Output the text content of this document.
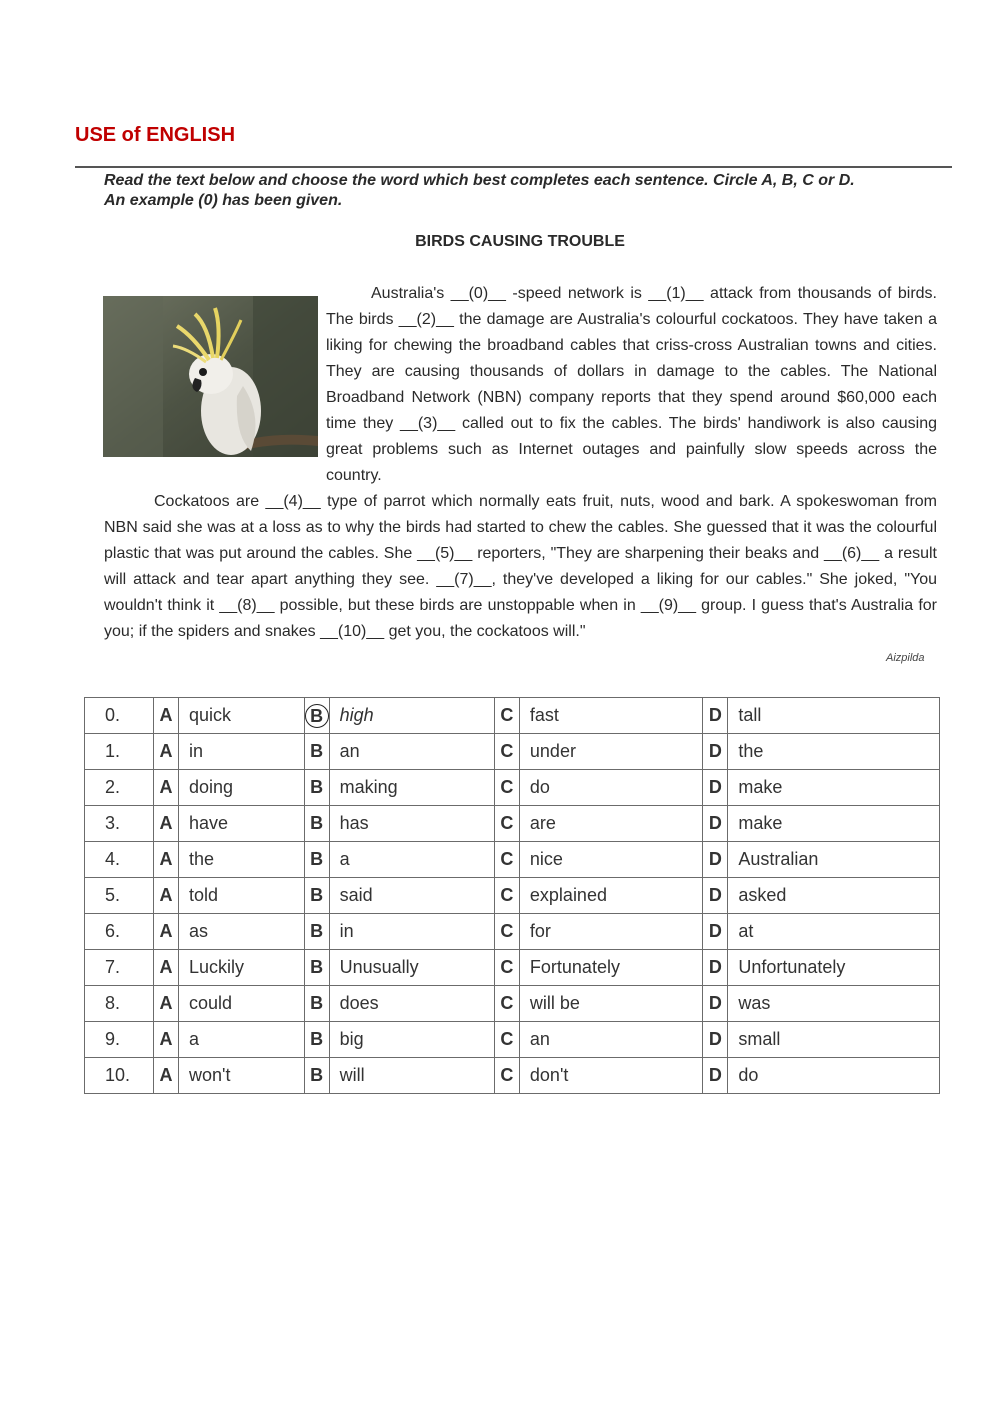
USE of ENGLISH
Read the text below and choose the word which best completes each sentence. Circle A, B, C or D.
An example (0) has been given.
BIRDS CAUSING TROUBLE

Australia's __(0)__ -speed network is __(1)__ attack from thousands of birds. The birds __(2)__ the damage are Australia's colourful cockatoos. They have taken a liking for chewing the broadband cables that criss-cross Australian towns and cities. They are causing thousands of dollars in damage to the cables. The National Broadband Network (NBN) company reports that they spend around $60,000 each time they __(3)__ called out to fix the cables. The birds' handiwork is also causing great problems such as Internet outages and painfully slow speeds across the country.

Cockatoos are __(4)__ type of parrot which normally eats fruit, nuts, wood and bark. A spokeswoman from NBN said she was at a loss as to why the birds had started to chew the cables. She guessed that it was the colourful plastic that was put around the cables. She __(5)__ reporters, "They are sharpening their beaks and __(6)__ a result will attack and tear apart anything they see. __(7)__, they've developed a liking for our cables." She joked, "You wouldn't think it __(8)__ possible, but these birds are unstoppable when in __(9)__ group. I guess that's Australia for you; if the spiders and snakes __(10)__ get you, the cockatoos will."

Aizpilda
0.	A	quick	B	high	C	fast	D	tall
1.	A	in	B	an	C	under	D	the
2.	A	doing	B	making	C	do	D	make
3.	A	have	B	has	C	are	D	make
4.	A	the	B	a	C	nice	D	Australian
5.	A	told	B	said	C	explained	D	asked
6.	A	as	B	in	C	for	D	at
7.	A	Luckily	B	Unusually	C	Fortunately	D	Unfortunately
8.	A	could	B	does	C	will be	D	was
9.	A	a	B	big	C	an	D	small
10.	A	won't	B	will	C	don't	D	do
